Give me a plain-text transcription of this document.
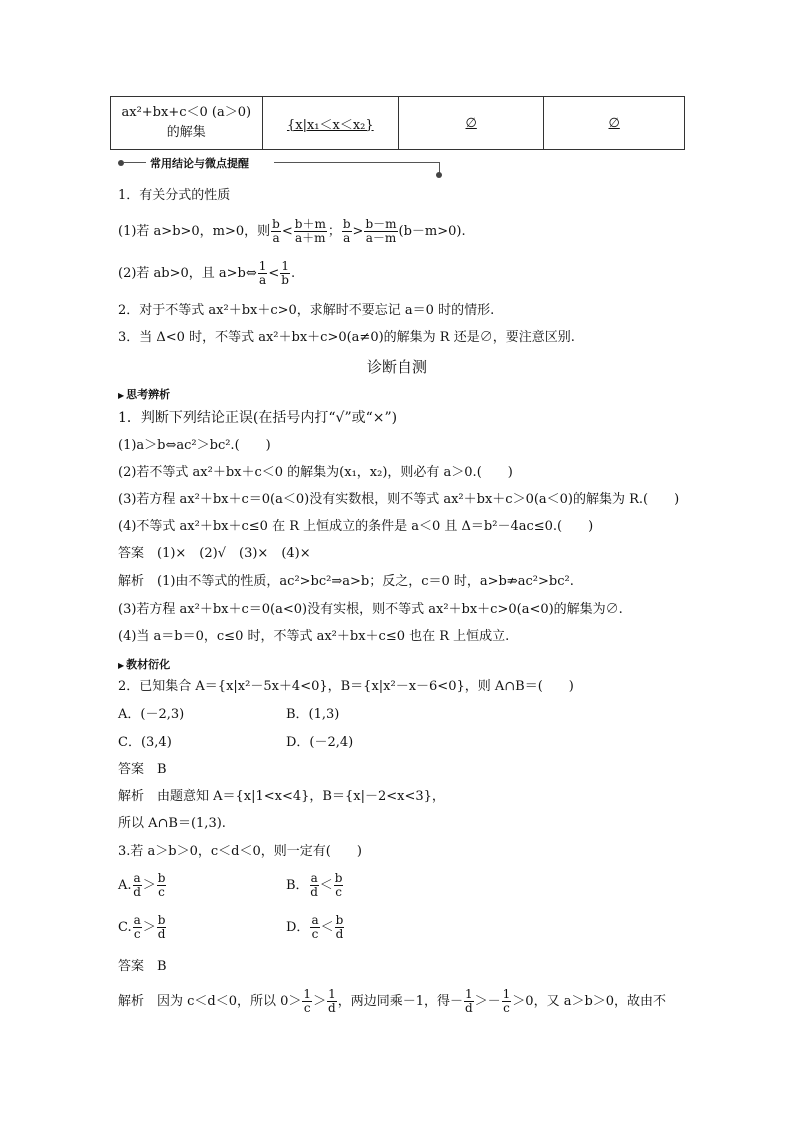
ax²+bx+c＜0 (a＞0)
的解集	{x|x₁＜x＜x₂}	∅	∅
常用结论与微点提醒
1．有关分式的性质
(1)若 a>b>0，m>0，则 $\frac{b}{a} < \frac{b+m}{a+m}$ ； $\frac{b}{a} > \frac{b-m}{a-m} (b-m>0)$.
(2)若 ab>0，且 a>b⇔ $\frac{1}{a} < \frac{1}{b}$ .
2．对于不等式 ax²＋bx＋c>0，求解时不要忘记 a＝0 时的情形.
3．当 Δ<0 时，不等式 ax²＋bx＋c>0(a≠0)的解集为 R 还是∅，要注意区别.
诊断自测
▶ 思考辨析
1．判断下列结论正误(在括号内打“√”或“×”)
(1)a＞b⇔ac²＞bc².(　　)
(2)若不等式 ax²＋bx＋c＜0 的解集为(x₁，x₂)，则必有 a＞0.(　　)
(3)若方程 ax²＋bx＋c＝0(a＜0)没有实数根，则不等式 ax²＋bx＋c＞0(a＜0)的解集为 R.(　　)
(4)不等式 ax²＋bx＋c≤0 在 R 上恒成立的条件是 a＜0 且 Δ＝b²－4ac≤0.(　　)
答案　(1)×　(2)√　(3)×　(4)×
解析　(1)由不等式的性质，ac²>bc²⇒a>b；反之，c＝0 时，a>b⇏ac²>bc².
(3)若方程 ax²＋bx＋c＝0(a<0)没有实根，则不等式 ax²＋bx＋c>0(a<0)的解集为∅.
(4)当 a＝b＝0，c≤0 时，不等式 ax²＋bx＋c≤0 也在 R 上恒成立.
▶ 教材衍化
2．已知集合 A＝{x|x²－5x＋4<0}，B＝{x|x²－x－6<0}，则 A∩B＝(　　)
A．(－2,3)	B．(1,3)
C．(3,4)	D．(－2,4)
答案　B
解析　由题意知 A＝{x|1<x<4}，B＝{x|－2<x<3}，
所以 A∩B＝(1,3).
3.若 a＞b＞0，c＜d＜0，则一定有(　　)
A. $\frac{a}{d} > \frac{b}{c}$	B． $\frac{a}{d} < \frac{b}{c}$
C. $\frac{a}{c} > \frac{b}{d}$	D． $\frac{a}{c} < \frac{b}{d}$
答案　B
解析　因为 c＜d＜0，所以 $0> \frac{1}{c} > \frac{1}{d}$ ，两边同乘－1，得－ $\frac{1}{d} >- \frac{1}{c} >0$，又 a＞b＞0，故由不
